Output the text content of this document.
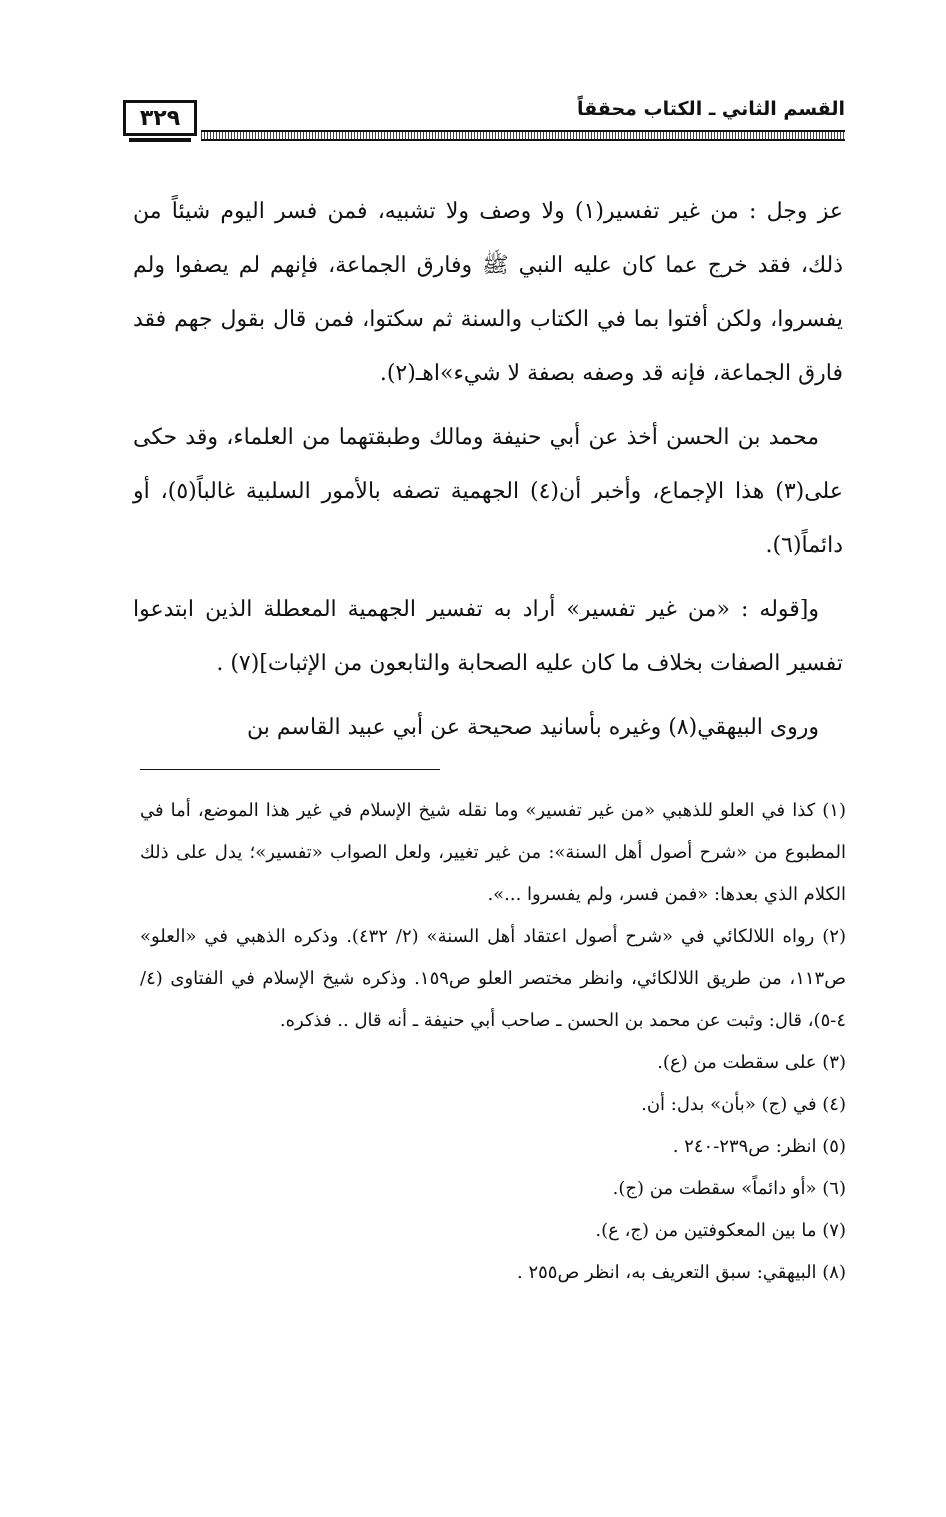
٣٢٩	القسم الثاني ـ الكتاب محققاً

عز وجل : من غير تفسير(١) ولا وصف ولا تشبيه، فمن فسر اليوم شيئاً من ذلك، فقد خرج عما كان عليه النبي ﷺ وفارق الجماعة، فإنهم لم يصفوا ولم يفسروا، ولكن أفتوا بما في الكتاب والسنة ثم سكتوا، فمن قال بقول جهم فقد فارق الجماعة، فإنه قد وصفه بصفة لا شيء»اهـ(٢).

محمد بن الحسن أخذ عن أبي حنيفة ومالك وطبقتهما من العلماء، وقد حكى على(٣) هذا الإجماع، وأخبر أن(٤) الجهمية تصفه بالأمور السلبية غالباً(٥)، أو دائماً(٦).

و[قوله : «من غير تفسير» أراد به تفسير الجهمية المعطلة الذين ابتدعوا تفسير الصفات بخلاف ما كان عليه الصحابة والتابعون من الإثبات](٧) .

وروى البيهقي(٨) وغيره بأسانيد صحيحة عن أبي عبيد القاسم بن

(١) كذا في العلو للذهبي «من غير تفسير» وما نقله شيخ الإسلام في غير هذا الموضع، أما في المطبوع من «شرح أصول أهل السنة»: من غير تغيير، ولعل الصواب «تفسير»؛ يدل على ذلك الكلام الذي بعدها: «فمن فسر، ولم يفسروا ...».

(٢) رواه اللالكائي في «شرح أصول اعتقاد أهل السنة» (٢/ ٤٣٢). وذكره الذهبي في «العلو» ص١١٣، من طريق اللالكائي، وانظر مختصر العلو ص١٥٩. وذكره شيخ الإسلام في الفتاوى (٤/ ٤-٥)، قال: وثبت عن محمد بن الحسن ـ صاحب أبي حنيفة ـ أنه قال .. فذكره.

(٣) على سقطت من (ع).

(٤) في (ج) «بأن» بدل: أن.

(٥) انظر: ص٢٣٩-٢٤٠ .

(٦) «أو دائماً» سقطت من (ج).

(٧) ما بين المعكوفتين من (ج، ع).

(٨) البيهقي: سبق التعريف به، انظر ص٢٥٥ .
